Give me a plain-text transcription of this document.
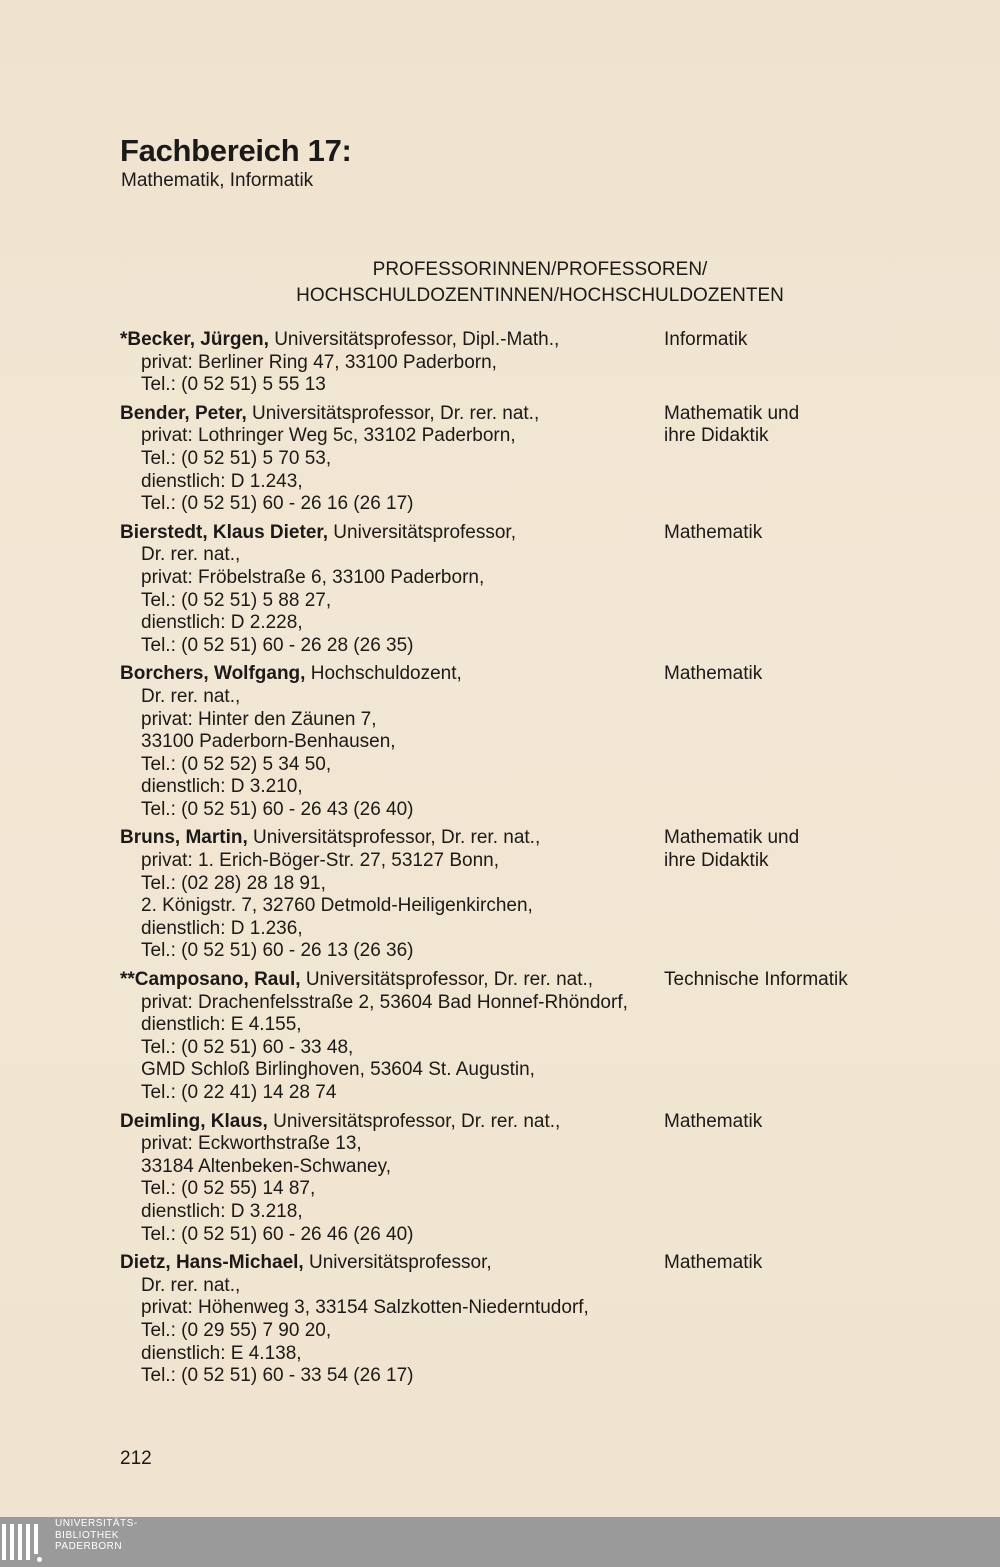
Fachbereich 17:
Mathematik, Informatik
PROFESSORINNEN/PROFESSOREN/
HOCHSCHULDOZENTINNEN/HOCHSCHULDOZENTEN
*Becker, Jürgen, Universitätsprofessor, Dipl.-Math.,
privat: Berliner Ring 47, 33100 Paderborn,
Tel.: (0 52 51) 5 55 13
Informatik
Bender, Peter, Universitätsprofessor, Dr. rer. nat.,
privat: Lothringer Weg 5c, 33102 Paderborn,
Tel.: (0 52 51) 5 70 53,
dienstlich: D 1.243,
Tel.: (0 52 51) 60 - 26 16 (26 17)
Mathematik und
ihre Didaktik
Bierstedt, Klaus Dieter, Universitätsprofessor,
Dr. rer. nat.,
privat: Fröbelstraße 6, 33100 Paderborn,
Tel.: (0 52 51) 5 88 27,
dienstlich: D 2.228,
Tel.: (0 52 51) 60 - 26 28 (26 35)
Mathematik
Borchers, Wolfgang, Hochschuldozent,
Dr. rer. nat.,
privat: Hinter den Zäunen 7,
33100 Paderborn-Benhausen,
Tel.: (0 52 52) 5 34 50,
dienstlich: D 3.210,
Tel.: (0 52 51) 60 - 26 43 (26 40)
Mathematik
Bruns, Martin, Universitätsprofessor, Dr. rer. nat.,
privat: 1. Erich-Böger-Str. 27, 53127 Bonn,
Tel.: (02 28) 28 18 91,
2. Königstr. 7, 32760 Detmold-Heiligenkirchen,
dienstlich: D 1.236,
Tel.: (0 52 51) 60 - 26 13 (26 36)
Mathematik und
ihre Didaktik
**Camposano, Raul, Universitätsprofessor, Dr. rer. nat.,
privat: Drachenfelsstraße 2, 53604 Bad Honnef-Rhöndorf,
dienstlich: E 4.155,
Tel.: (0 52 51) 60 - 33 48,
GMD Schloß Birlinghoven, 53604 St. Augustin,
Tel.: (0 22 41) 14 28 74
Technische Informatik
Deimling, Klaus, Universitätsprofessor, Dr. rer. nat.,
privat: Eckworthstraße 13,
33184 Altenbeken-Schwaney,
Tel.: (0 52 55) 14 87,
dienstlich: D 3.218,
Tel.: (0 52 51) 60 - 26 46 (26 40)
Mathematik
Dietz, Hans-Michael, Universitätsprofessor,
Dr. rer. nat.,
privat: Höhenweg 3, 33154 Salzkotten-Niederntudorf,
Tel.: (0 29 55) 7 90 20,
dienstlich: E 4.138,
Tel.: (0 52 51) 60 - 33 54 (26 17)
Mathematik
212
UNIVERSITÄTS-
BIBLIOTHEK
PADERBORN
